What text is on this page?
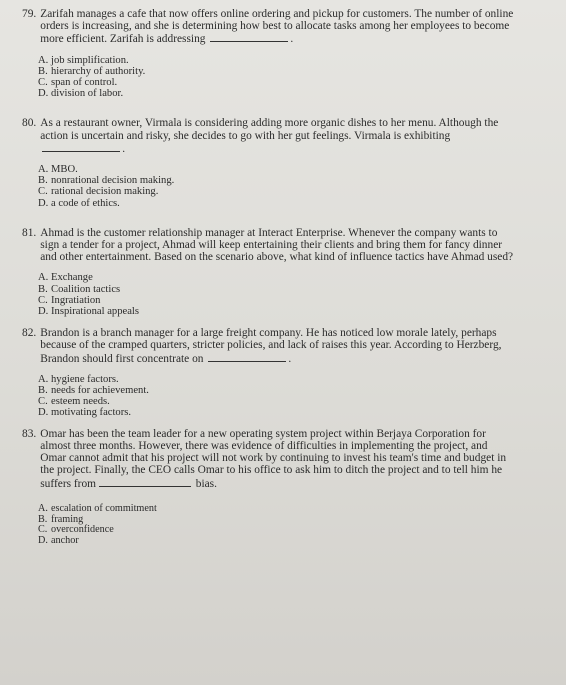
79. Zarifah manages a cafe that now offers online ordering and pickup for customers. The number of online orders is increasing, and she is determining how best to allocate tasks among her employees to become more efficient. Zarifah is addressing	.
A. job simplification.
B. hierarchy of authority.
C. span of control.
D. division of labor.
80. As a restaurant owner, Virmala is considering adding more organic dishes to her menu. Although the action is uncertain and risky, she decides to go with her gut feelings. Virmala is exhibiting .
A. MBO.
B. nonrational decision making.
C. rational decision making.
D. a code of ethics.
81. Ahmad is the customer relationship manager at Interact Enterprise. Whenever the company wants to sign a tender for a project, Ahmad will keep entertaining their clients and bring them for fancy dinner and other entertainment. Based on the scenario above, what kind of influence tactics have Ahmad used?
A. Exchange
B. Coalition tactics
C. Ingratiation
D. Inspirational appeals
82. Brandon is a branch manager for a large freight company. He has noticed low morale lately, perhaps because of the cramped quarters, stricter policies, and lack of raises this year. According to Herzberg, Brandon should first concentrate on	.
A. hygiene factors.
B. needs for achievement.
C. esteem needs.
D. motivating factors.
83. Omar has been the team leader for a new operating system project within Berjaya Corporation for almost three months. However, there was evidence of difficulties in implementing the project, and Omar cannot admit that his project will not work by continuing to invest his team's time and budget in the project. Finally, the CEO calls Omar to his office to ask him to ditch the project and to tell him he suffers from	bias.
A. escalation of commitment
B. framing
C. overconfidence
D. anchor
